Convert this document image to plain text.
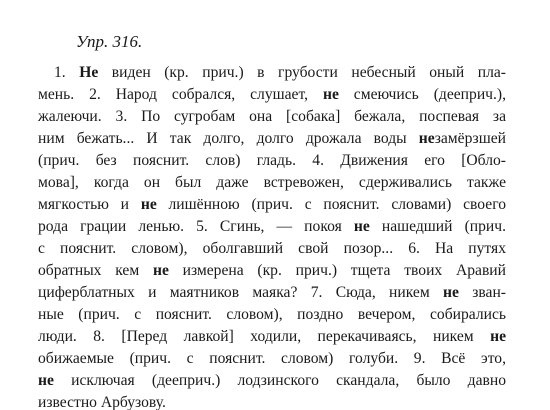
Упр. 316.
1. Не виден (кр. прич.) в грубости небесный оный пла-
мень. 2. Народ собрался, слушает, не смеючись (дееприч.),
жалеючи. 3. По сугробам она [собака] бежала, поспевая за
ним бежать... И так долго, долго дрожала воды незамёрзшей
(прич. без пояснит. слов) гладь. 4. Движения его [Обло-
мова], когда он был даже встревожен, сдерживались также
мягкостью и не лишённою (прич. с пояснит. словами) своего
рода грации ленью. 5. Сгинь, — покоя не нашедший (прич.
с пояснит. словом), оболгавший свой позор... 6. На путях
обратных кем не измерена (кр. прич.) тщета твоих Аравий
циферблатных и маятников маяка? 7. Сюда, никем не зван-
ные (прич. с пояснит. словом), поздно вечером, собирались
люди. 8. [Перед лавкой] ходили, перекачиваясь, никем не
обижаемые (прич. с пояснит. словом) голуби. 9. Всё это,
не исключая (дееприч.) лодзинского скандала, было давно
известно Арбузову.
